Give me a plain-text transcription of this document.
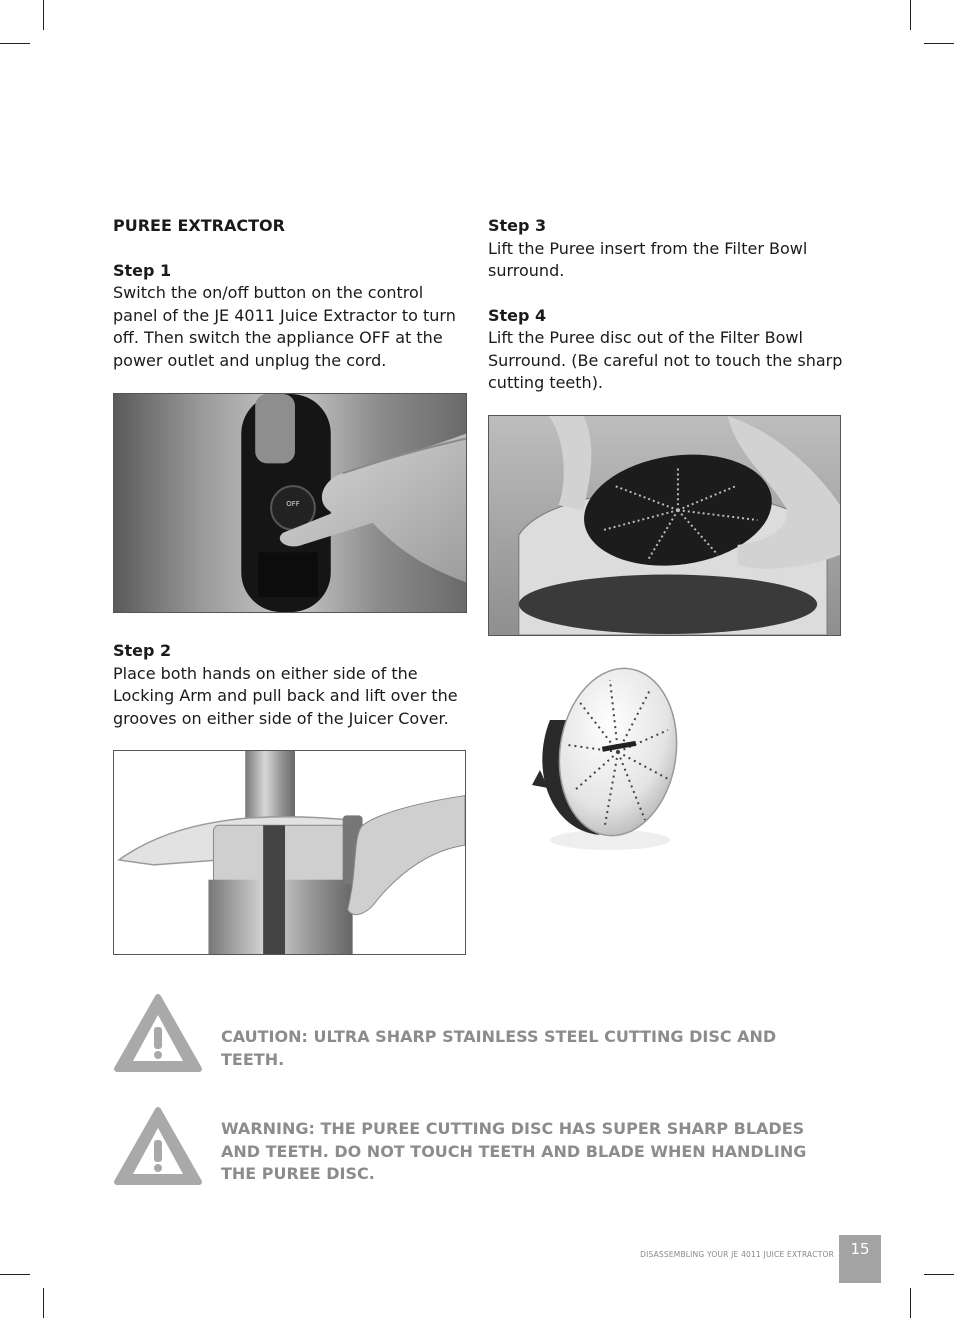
PUREE EXTRACTOR

Step 1

Switch the on/off button on the control panel of the JE 4011 Juice Extractor to turn off. Then switch the appliance OFF at the power outlet and unplug the cord.

OFF

Step 2

Place both hands on either side of the Locking Arm and pull back and lift over the grooves on either side of the Juicer Cover.

Step 3

Lift the Puree insert from the Filter Bowl surround.

Step 4

Lift the Puree disc out of the Filter Bowl Surround. (Be careful not to touch the sharp cutting teeth).

CAUTION: ULTRA SHARP STAINLESS STEEL CUTTING DISC AND TEETH.
WARNING: THE PUREE CUTTING DISC HAS SUPER SHARP BLADES AND TEETH. DO NOT TOUCH TEETH AND BLADE WHEN HANDLING THE PUREE DISC.
DISASSEMBLING YOUR JE 4011 JUICE EXTRACTOR	15
